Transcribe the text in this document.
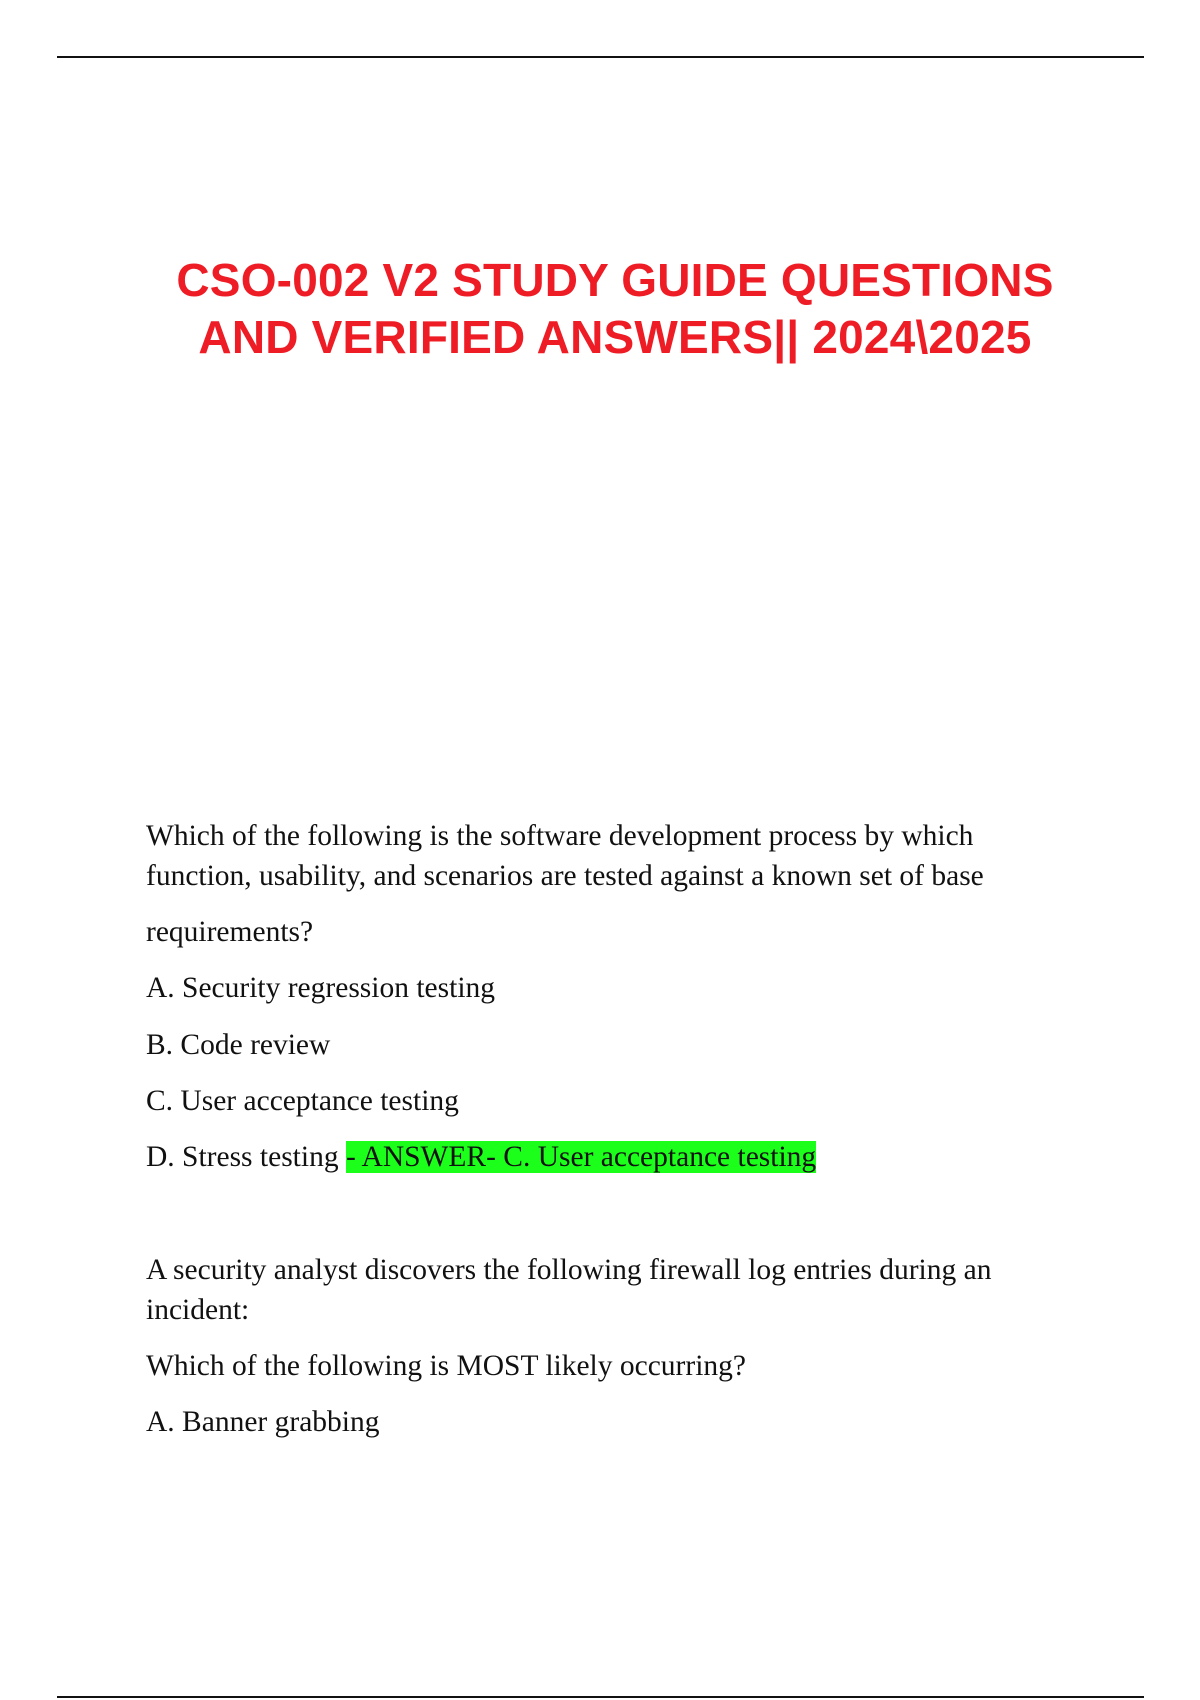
CSO-002 V2 STUDY GUIDE QUESTIONS
AND VERIFIED ANSWERS|| 2024\2025

Which of the following is the software development process by which

function, usability, and scenarios are tested against a known set of base

requirements?

A. Security regression testing

B. Code review

C. User acceptance testing

D. Stress testing - ANSWER- C. User acceptance testing

A security analyst discovers the following firewall log entries during an

incident:

Which of the following is MOST likely occurring?

A. Banner grabbing
